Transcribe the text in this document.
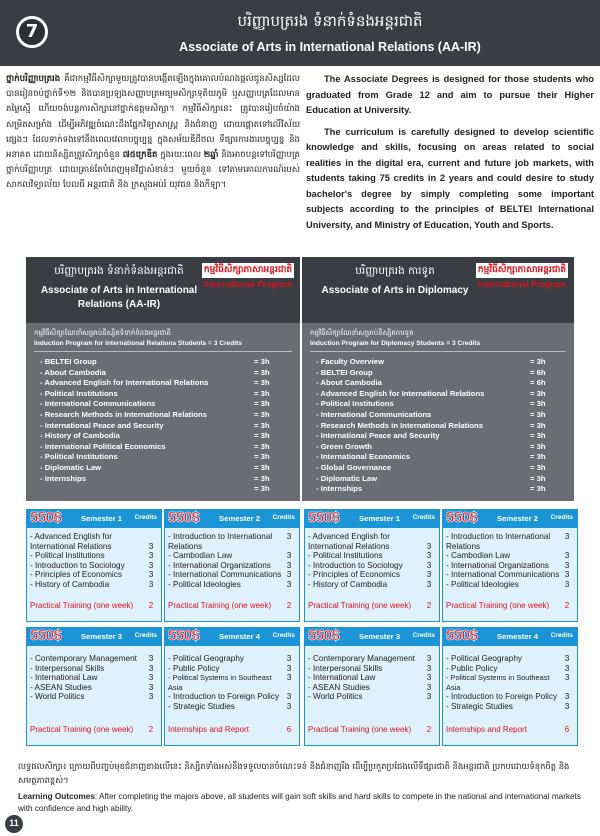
7	បរិញ្ញាបត្ររង ទំនាក់ទំនងអន្តរជាតិ
Associate of Arts in International Relations (AA-IR)
ថ្នាក់បរិញ្ញាបត្ររង គឺជាកម្មវិធីសិក្សាមួយត្រូវបានបង្កើតឡើងក្នុងគោលបំណងផ្តល់ជូនសិស្សដែលបានរៀនចប់ថ្នាក់ទី១២ និងបានប្រឡងសញ្ញាបត្រមធ្យមសិក្សាទុតិយភូមិ ឬសញ្ញាបត្រដែលមានតម្លៃស្មើ ហើយចង់បន្តការសិក្សានៅថ្នាក់ឧត្តមសិក្សា។ កម្មវិធីសិក្សានេះ ត្រូវបានរៀបចំយ៉ាងសម្រិតសម្រាំង ដើម្បីអភិវឌ្ឍចំណេះដឹងផ្នែកវិទ្យាសាស្ត្រ និងជំនាញ ដោយផ្តោតទៅលើវិស័យផ្សេងៗ ដែលទាក់ទងទៅនឹងពេលវេលាបច្ចុប្បន្ន ក្នុងសម័យឌីជីថល ទីផ្សារការងារបច្ចុប្បន្ន និងអនាគត ដោយនិស្សិតត្រូវសិក្សាចំនួន ៧៥ក្រេឌីត ក្នុងរយៈពេល ២ឆ្នាំ និងអាចបន្តទៅបរិញ្ញាបត្រថ្នាក់បរិញ្ញាបត្រ ដោយគ្រាន់តែបំពេញមុខវិជ្ជាសំខាន់ៗ មួយចំនួន ទៅតាមគោលការណ៍របស់ សាកលវិទ្យាល័យ បែលធី អន្តរជាតិ និង ក្រសួងអប់រំ យុវជន និងកីឡា។

The Associate Degrees is designed for those students who graduated from Grade 12 and aim to pursue their Higher Education at University.

The curriculum is carefully designed to develop scientific knowledge and skills, focusing on areas related to social realities in the digital era, current and future job markets, with students taking 75 credits in 2 years and could desire to study bachelor's degree by simply completing some important subjects according to the principles of BELTEI International University, and Ministry of Education, Youth and Sports.

បរិញ្ញាបត្ររង ទំនាក់ទំនងអន្តរជាតិ
Associate of Arts in International Relations (AA-IR)
កម្មវិធីសិក្សាភាសាអន្តរជាតិ
International Program
កម្មវិធីសិក្សាណែនាំសម្រាប់និស្សិតទំនាក់ទំនងអន្តរជាតិ
Induction Program for International Relations Students = 3 Credits
- BELTEI Group	= 3h
- About Cambodia	= 3h
- Advanced English for International Relations	= 3h
- Political Institutions	= 3h
- International Communications	= 3h
- Research Methods in International Relations	= 3h
- International Peace and Security	= 3h
- History of Cambodia	= 3h
- International Political Economics	= 3h
- Political Institutions	= 3h
- Diplomatic Law	= 3h
- Internships	= 3h
= 3h
បរិញ្ញាបត្ររង ការទូត
Associate of Arts in Diplomacy
កម្មវិធីសិក្សាភាសាអន្តរជាតិ
International Program
កម្មវិធីសិក្សាណែនាំសម្រាប់និស្សិតការទូត
Induction Program for Diplomacy Students = 3 Credits
- Faculty Overview	= 3h
- BELTEI Group	= 6h
- About Cambodia	= 6h
- Advanced English for International Relations	= 3h
- Political Institutions	= 3h
- International Communications	= 3h
- Research Methods in International Relations	= 3h
- International Peace and Security	= 3h
- Green Growth	= 3h
- International Economics	= 3h
- Global Governance	= 3h
- Diplomatic Law	= 3h
- Internships	= 3h
550$	Semester 1 Credits
- Advanced English for
International Relations	3
- Political Institutions	3
- Introduction to Sociology	3
- Principles of Economics	3
- History of Cambodia	3
Practical Training (one week)	2
550$	Semester 2 Credits
- Introduction to International	3
Relations
- Cambodian Law	3
- International Organizations	3
- International Communications 3
- Political Ideologies	3
Practical Training (one week)	2
550$	Semester 1 Credits
- Advanced English for
International Relations	3
- Political Institutions	3
- Introduction to Sociology	3
- Principles of Economics	3
- History of Cambodia	3
Practical Training (one week)	2
550$	Semester 2 Credits
- Introduction to International	3
Relations
- Cambodian Law	3
- International Organizations	3
- International Communications 3
- Political Ideologies	3
Practical Training (one week)	2
550$	Semester 3 Credits
- Contemporary Management	3
- Interpersonal Skills	3
- International Law	3
- ASEAN Studies	3
- World Politics	3
Practical Training (one week)	2
550$	Semester 4 Credits
- Political Geography	3
- Public Policy	3
- Political Systems in Southeast Asia
3
- Introduction to Foreign Policy 3
- Strategic Studies	3
Internships and Report	6
550$	Semester 3 Credits
- Contemporary Management	3
- Interpersonal Skills	3
- International Law	3
- ASEAN Studies	3
- World Politics	3
Practical Training (one week)	2
550$	Semester 4 Credits
- Political Geography	3
- Public Policy	3
- Political Systems in Southeast Asia
3
- Introduction to Foreign Policy 3
- Strategic Studies	3
Internships and Report	6
លទ្ធផលសិក្សា៖ ក្រោយពីបញ្ចប់មុខជំនាញខាងលើនេះ និស្សិតទាំងអស់នឹងទទួលបានចំណេះទន់ និងជំនាញរឹង ដើម្បីប្រកួតប្រជែងលើទីផ្សារជាតិ និងអន្តរជាតិ ប្រកបដោយទំនុកចិត្ត និងសមត្ថភាពខ្ពស់។
Learning Outcomes: After completing the majors above, all students will gain soft skills and hard skills to compete in the national and international markets with confidence and high ability.
11
